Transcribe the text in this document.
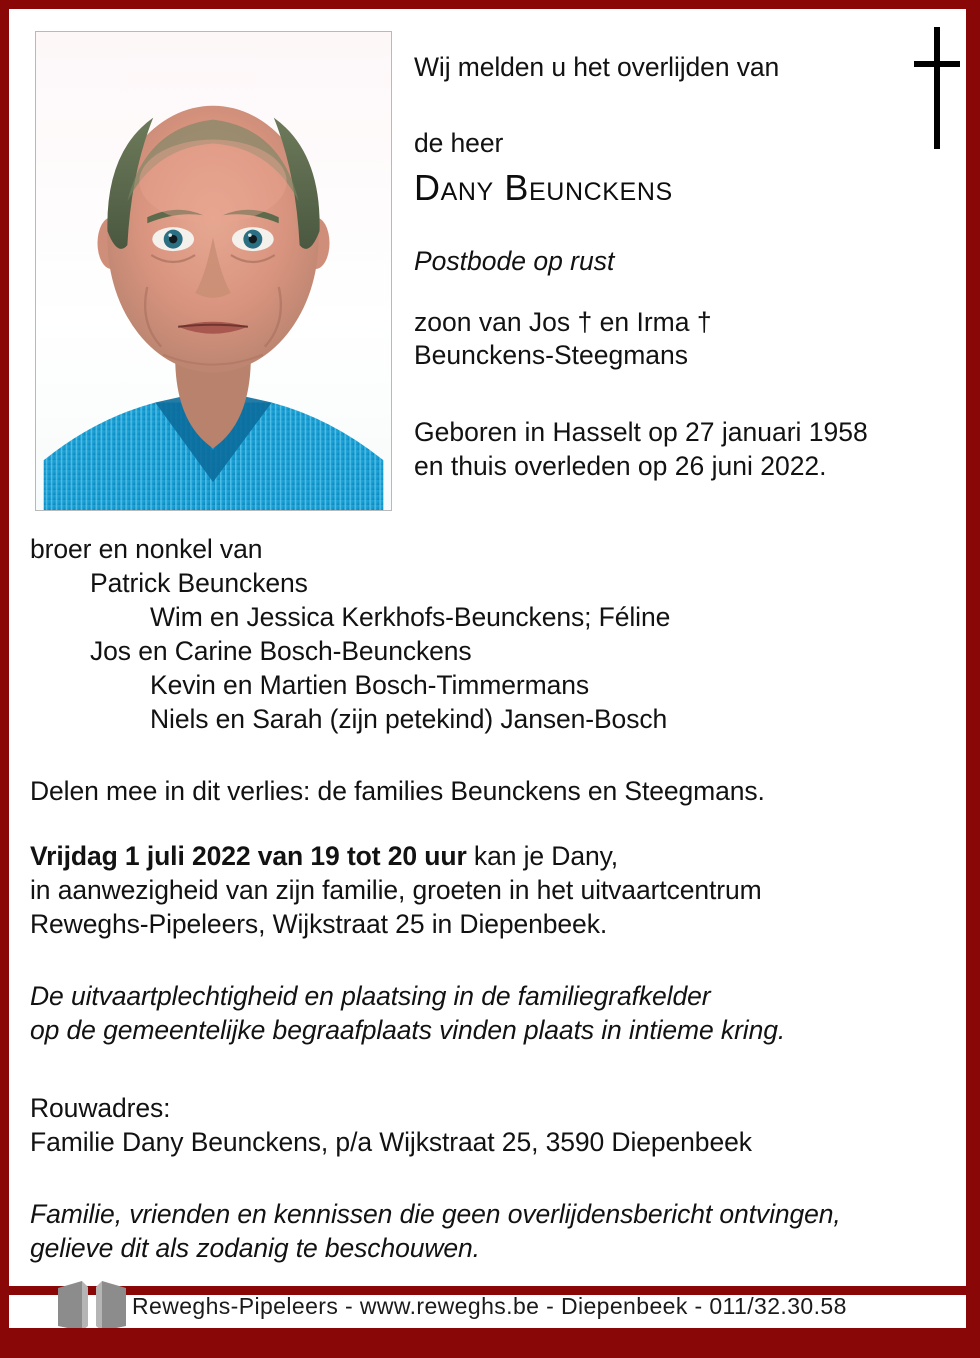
Wij melden u het overlijden van
de heer
Dany Beunckens
Postbode op rust
zoon van Jos † en Irma †
Beunckens-Steegmans
Geboren in Hasselt op 27 januari 1958
en thuis overleden op 26 juni 2022.
broer en nonkel van
Patrick Beunckens
Wim en Jessica Kerkhofs-Beunckens; Féline
Jos en Carine Bosch-Beunckens
Kevin en Martien Bosch-Timmermans
Niels en Sarah (zijn petekind) Jansen-Bosch
Delen mee in dit verlies: de families Beunckens en Steegmans.
Vrijdag 1 juli 2022 van 19 tot 20 uur kan je Dany,
in aanwezigheid van zijn familie, groeten in het uitvaartcentrum
Reweghs-Pipeleers, Wijkstraat 25 in Diepenbeek.
De uitvaartplechtigheid en plaatsing in de familiegrafkelder
op de gemeentelijke begraafplaats vinden plaats in intieme kring.
Rouwadres:
Familie Dany Beunckens, p/a Wijkstraat 25, 3590 Diepenbeek
Familie, vrienden en kennissen die geen overlijdensbericht ontvingen,
gelieve dit als zodanig te beschouwen.
Reweghs-Pipeleers - www.reweghs.be - Diepenbeek - 011/32.30.58
